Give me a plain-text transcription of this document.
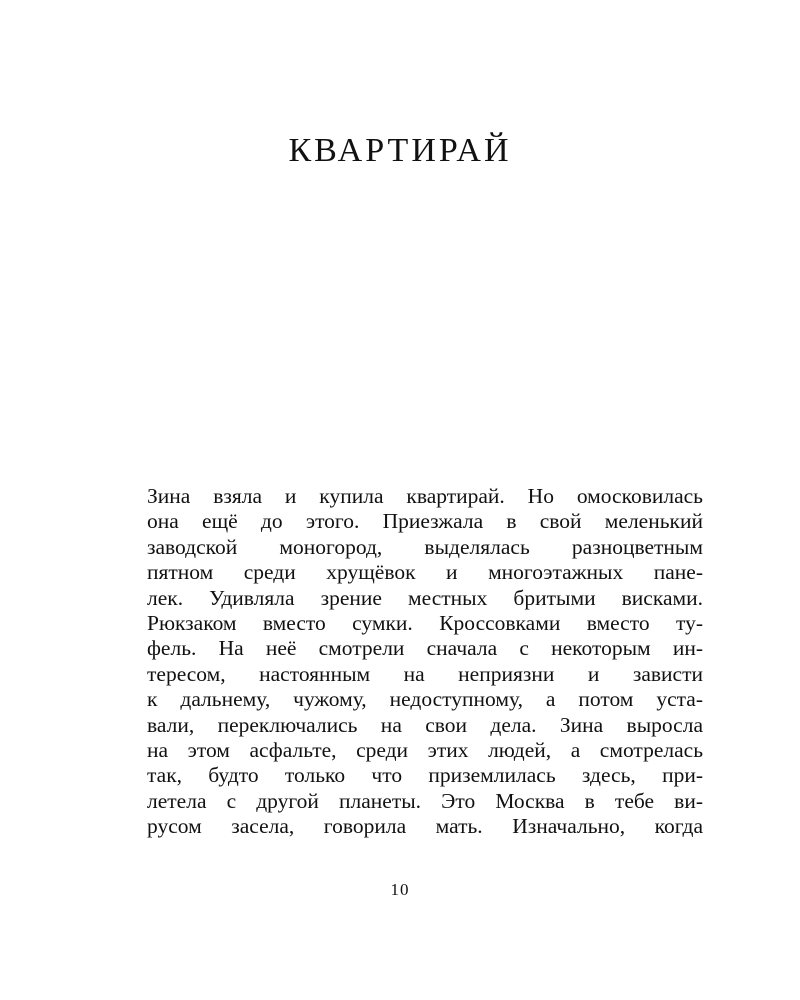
КВАРТИРАЙ
Зина взяла и купила квартирай. Но омосковилась
она ещё до этого. Приезжала в свой меленький
заводской моногород, выделялась разноцветным
пятном среди хрущёвок и многоэтажных пане-
лек. Удивляла зрение местных бритыми висками.
Рюкзаком вместо сумки. Кроссовками вместо ту-
фель. На неё смотрели сначала с некоторым ин-
тересом, настоянным на неприязни и зависти
к дальнему, чужому, недоступному, а потом уста-
вали, переключались на свои дела. Зина выросла
на этом асфальте, среди этих людей, а смотрелась
так, будто только что приземлилась здесь, при-
летела с другой планеты. Это Москва в тебе ви-
русом засела, говорила мать. Изначально, когда
10
